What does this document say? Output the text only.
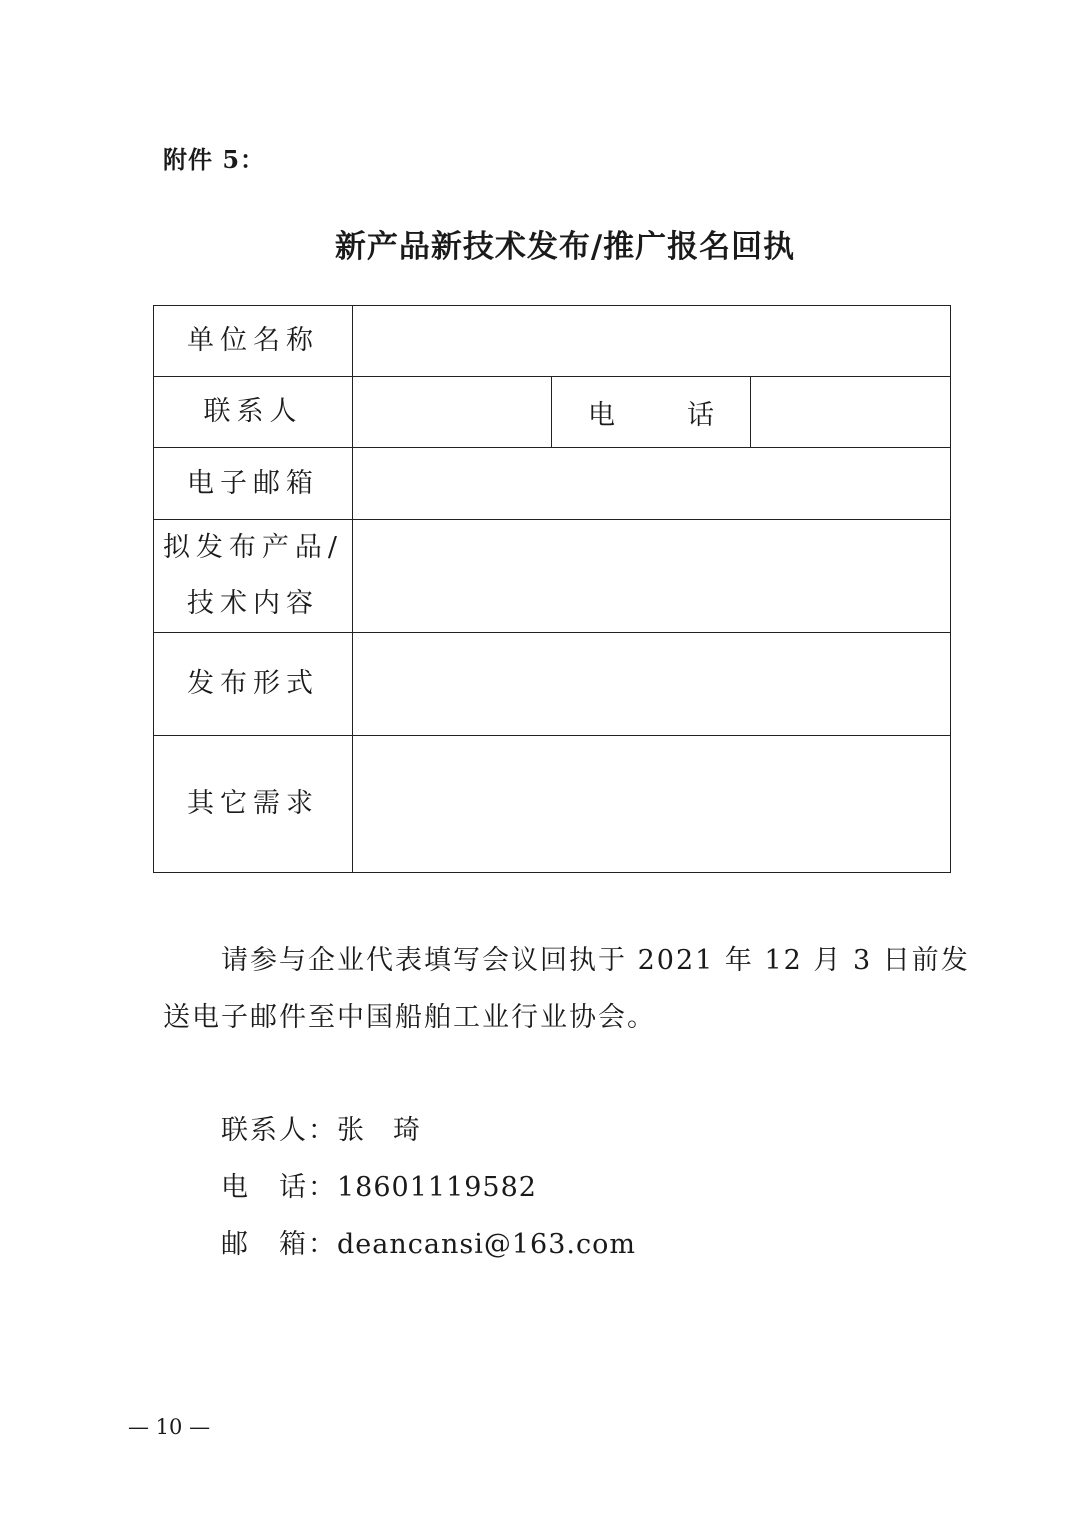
附件 5：
新产品新技术发布/推广报名回执
单位名称			
联系人		电 话	

电子邮箱			

拟发布产品/
技术内容			

发布形式			
其它需求			
请参与企业代表填写会议回执于 2021 年 12 月 3 日前发送电子邮件至中国船舶工业行业协会。
联系人：张　琦
电　话：18601119582
邮　箱：deancansi@163.com
— 10 —
